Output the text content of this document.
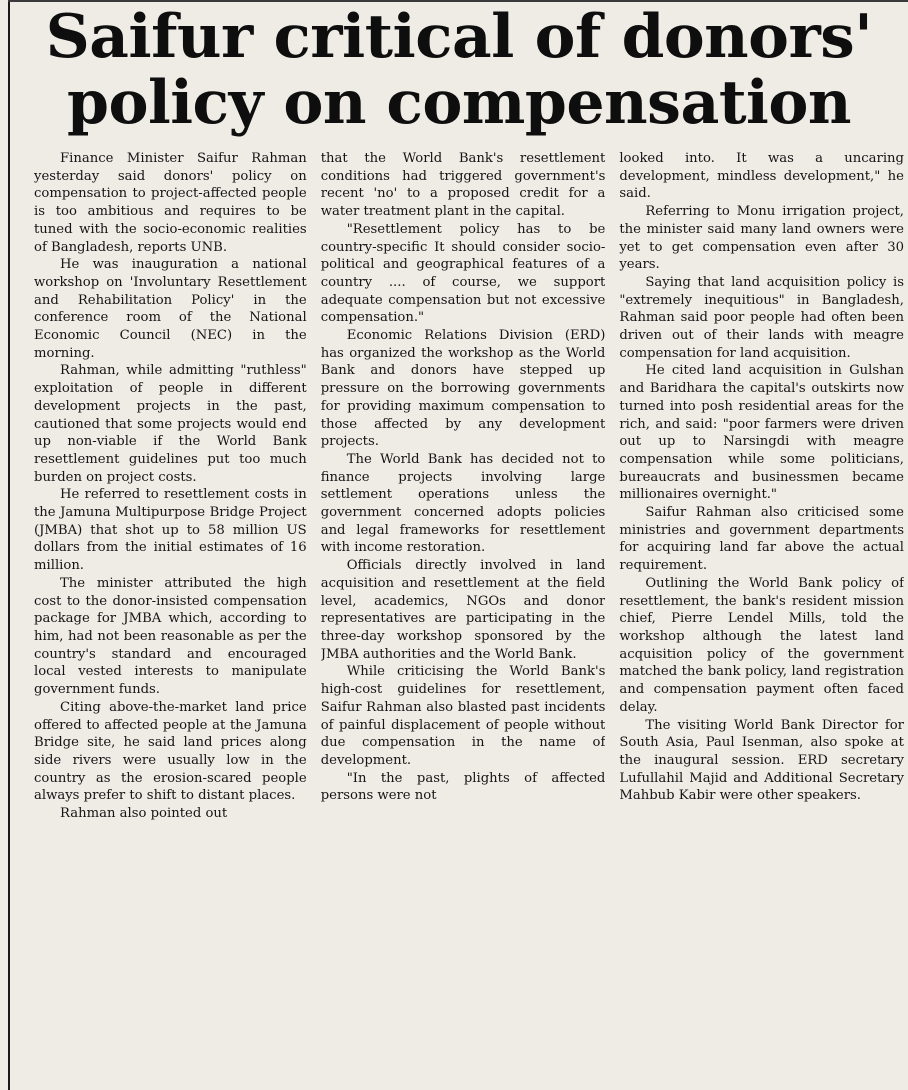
Saifur critical of donors'
policy on compensation

Finance Minister Saifur Rahman yesterday said donors' policy on compensation to project-affected people is too ambitious and requires to be tuned with the socio-economic realities of Bangladesh, reports UNB.

He was inauguration a national workshop on 'Involuntary Resettlement and Rehabilitation Policy' in the conference room of the National Economic Council (NEC) in the morning.

Rahman, while admitting "ruthless" exploitation of people in different development projects in the past, cautioned that some projects would end up non-viable if the World Bank resettlement guidelines put too much burden on project costs.

He referred to resettlement costs in the Jamuna Multipurpose Bridge Project (JMBA) that shot up to 58 million US dollars from the initial estimates of 16 million.

The minister attributed the high cost to the donor-insisted compensation package for JMBA which, according to him, had not been reasonable as per the country's standard and encouraged local vested interests to manipulate government funds.

Citing above-the-market land price offered to affected people at the Jamuna Bridge site, he said land prices along side rivers were usually low in the country as the erosion-scared people always prefer to shift to distant places.

Rahman also pointed out

that the World Bank's resettlement conditions had triggered government's recent 'no' to a proposed credit for a water treatment plant in the capital.

"Resettlement policy has to be country-specific It should consider socio-political and geographical features of a country .... of course, we support adequate compensation but not excessive compensation."

Economic Relations Division (ERD) has organized the workshop as the World Bank and donors have stepped up pressure on the borrowing governments for providing maximum compensation to those affected by any development projects.

The World Bank has decided not to finance projects involving large settlement operations unless the government concerned adopts policies and legal frameworks for resettlement with income restoration.

Officials directly involved in land acquisition and resettlement at the field level, academics, NGOs and donor representatives are participating in the three-day workshop sponsored by the JMBA authorities and the World Bank.

While criticising the World Bank's high-cost guidelines for resettlement, Saifur Rahman also blasted past incidents of painful displacement of people without due compensation in the name of development.

"In the past, plights of affected persons were not

looked into. It was a uncaring development, mindless development," he said.

Referring to Monu irrigation project, the minister said many land owners were yet to get compensation even after 30 years.

Saying that land acquisition policy is "extremely inequitious" in Bangladesh, Rahman said poor people had often been driven out of their lands with meagre compensation for land acquisition.

He cited land acquisition in Gulshan and Baridhara the capital's outskirts now turned into posh residential areas for the rich, and said: "poor farmers were driven out up to Narsingdi with meagre compensation while some politicians, bureaucrats and businessmen became millionaires overnight."

Saifur Rahman also criticised some ministries and government departments for acquiring land far above the actual requirement.

Outlining the World Bank policy of resettlement, the bank's resident mission chief, Pierre Lendel Mills, told the workshop although the latest land acquisition policy of the government matched the bank policy, land registration and compensation payment often faced delay.

The visiting World Bank Director for South Asia, Paul Isenman, also spoke at the inaugural session. ERD secretary Lufullahil Majid and Additional Secretary Mahbub Kabir were other speakers.
